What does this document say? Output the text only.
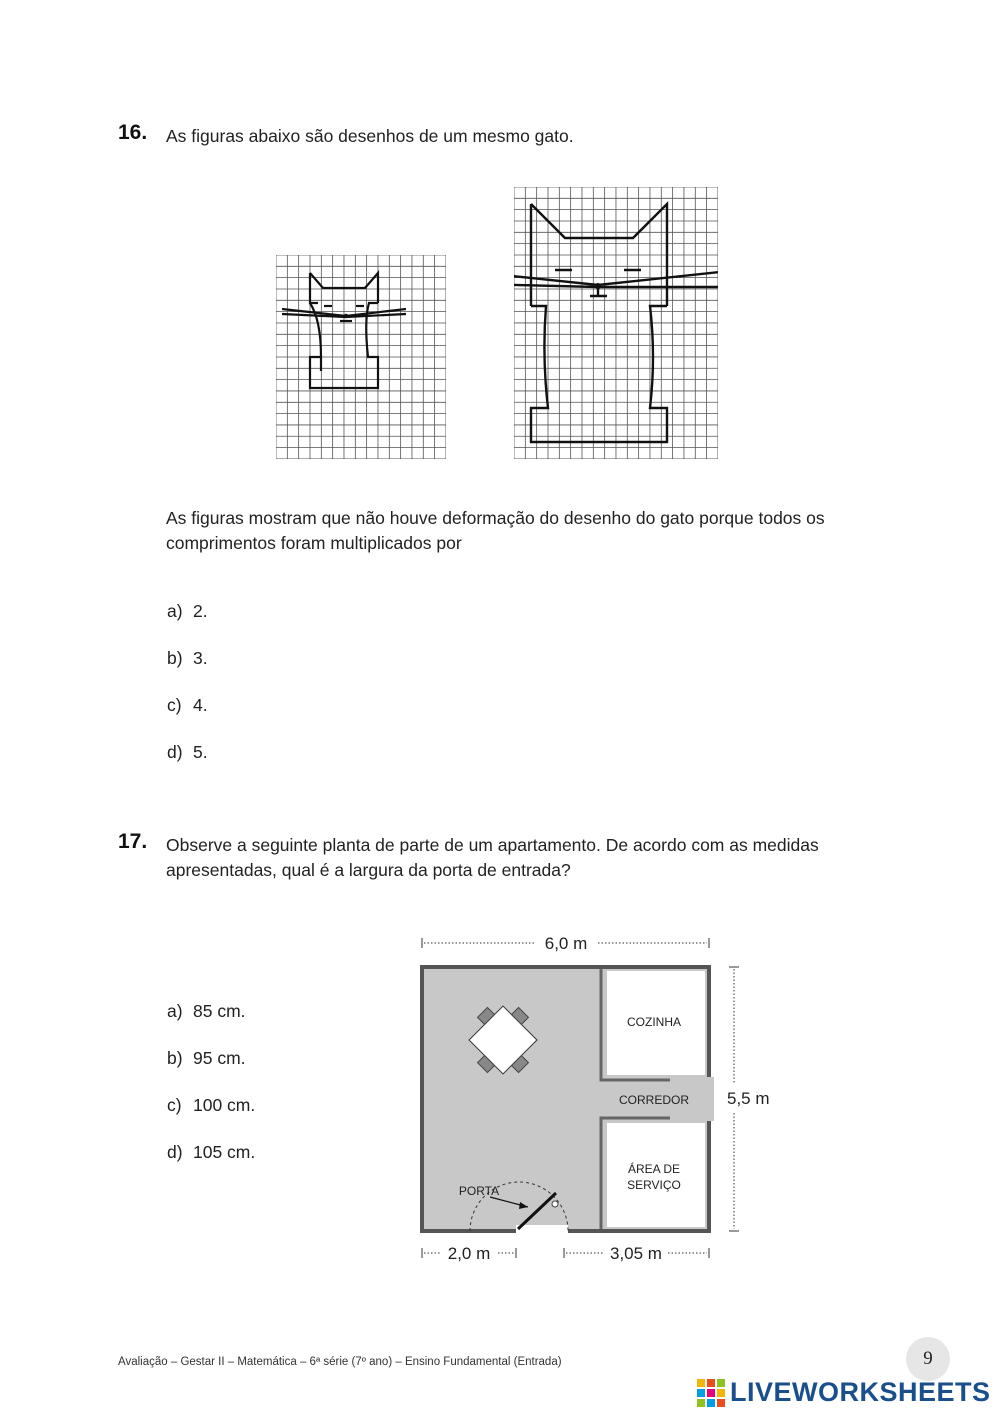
16. As figuras abaixo são desenhos de um mesmo gato.
As figuras mostram que não houve deformação do desenho do gato porque todos os
comprimentos foram multiplicados por
a) 2.
b) 3.
c) 4.
d) 5.
17. Observe a seguinte planta de parte de um apartamento. De acordo com as medidas
apresentadas, qual é a largura da porta de entrada?
a) 85 cm.
b) 95 cm.
c) 100 cm.
d) 105 cm.
6,0 m
COZINHA
CORREDOR
ÁREA DE
SERVIÇO
PORTA
5,5 m
2,0 m	3,05 m
Avaliação – Gestar II – Matemática – 6ª série (7º ano) – Ensino Fundamental (Entrada)	9
LIVEWORKSHEETS
